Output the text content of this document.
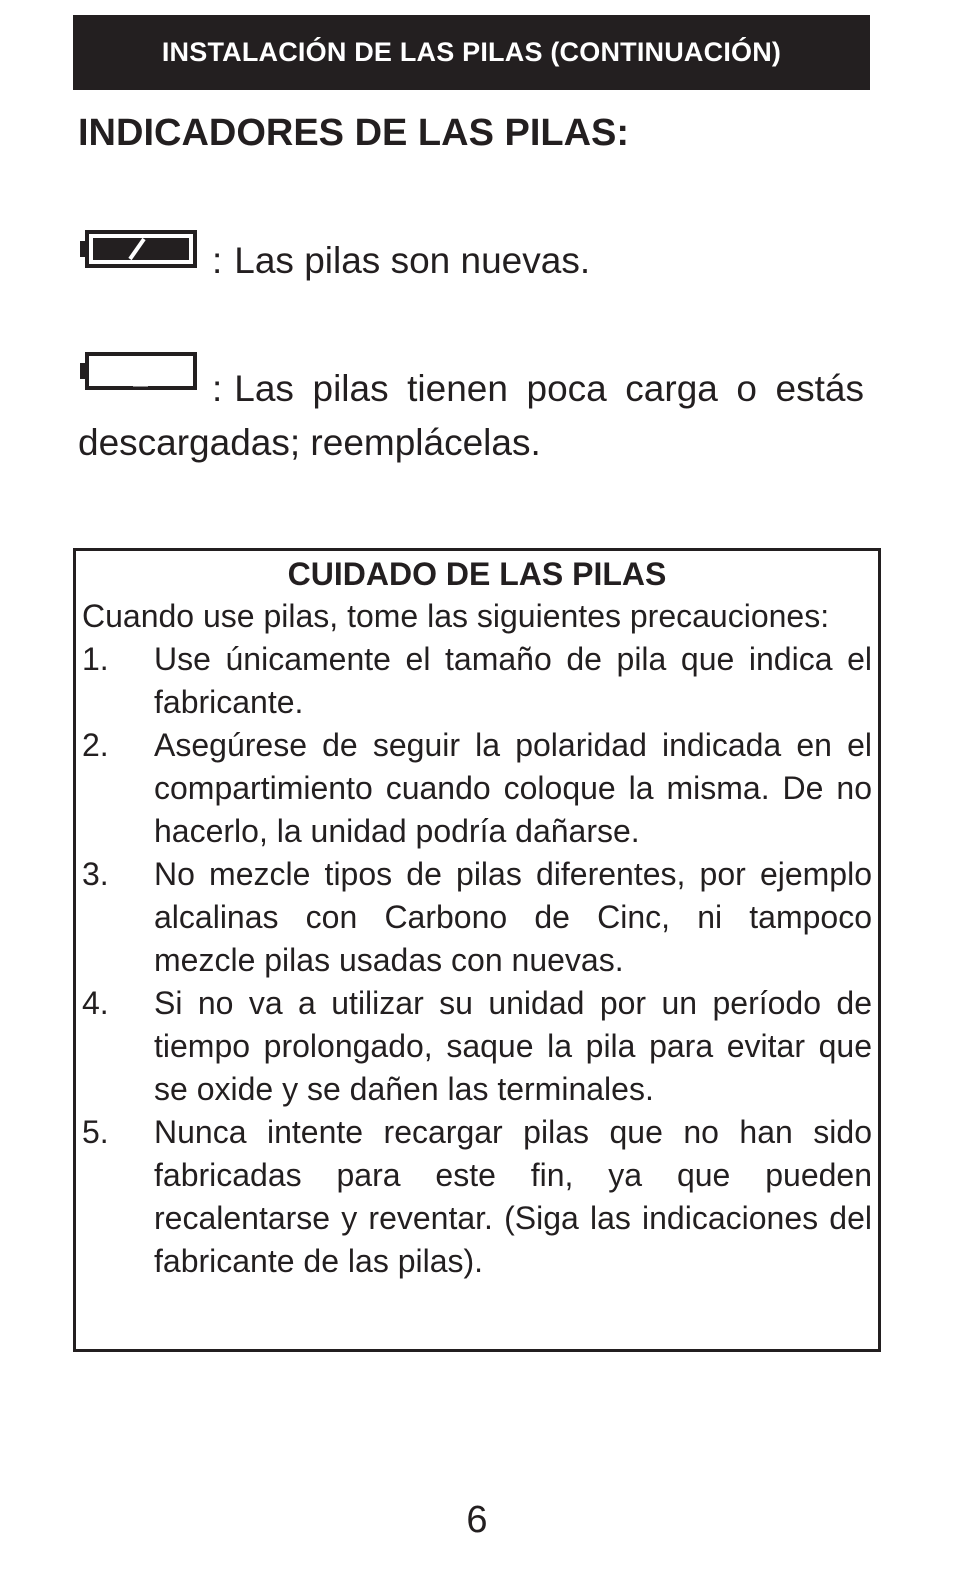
INSTALACIÓN DE LAS PILAS (CONTINUACIÓN)
INDICADORES DE LAS PILAS:
: Las pilas son nuevas.
: Las pilas tienen poca carga o estás descargadas; reemplácelas.

CUIDADO DE LAS PILAS

Cuando use pilas, tome las siguientes precauciones:

1.	Use únicamente el tamaño de pila que indica el fabricante.
2.	Asegúrese de seguir la polaridad indicada en el compartimiento cuando coloque la misma. De no hacerlo, la unidad podría dañarse.
3.	No mezcle tipos de pilas diferentes, por ejemplo alcalinas con Carbono de Cinc, ni tampoco mezcle pilas usadas con nuevas.
4.	Si no va a utilizar su unidad por un período de tiempo prolongado, saque la pila para evitar que se oxide y se dañen las terminales.
5.	Nunca intente recargar pilas que no han sido fabricadas para este fin, ya que pueden recalentarse y reventar. (Siga las indicaciones del fabricante de las pilas).
6
